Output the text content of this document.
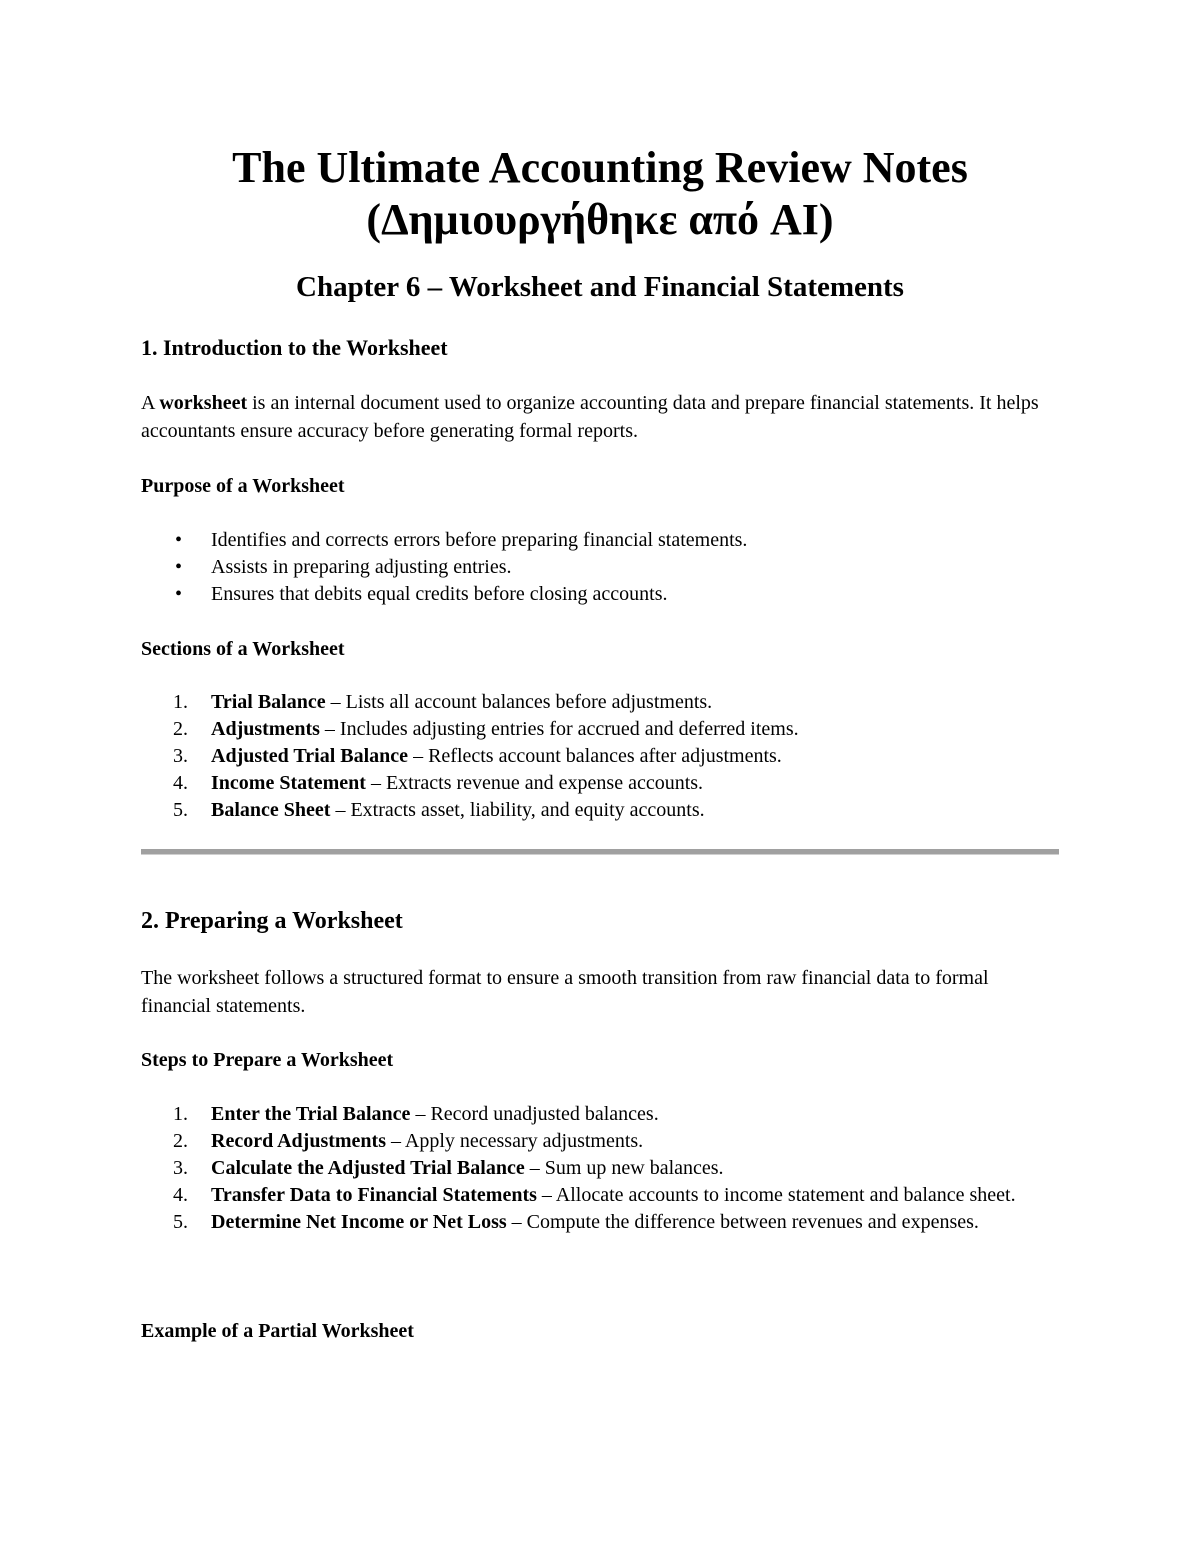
The Ultimate Accounting Review Notes
(Δημιουργήθηκε από AI)
Chapter 6 – Worksheet and Financial Statements
1. Introduction to the Worksheet

A worksheet is an internal document used to organize accounting data and prepare financial statements. It helps accountants ensure accuracy before generating formal reports.

Purpose of a Worksheet
•	Identifies and corrects errors before preparing financial statements.
•	Assists in preparing adjusting entries.
•	Ensures that debits equal credits before closing accounts.
Sections of a Worksheet
1.	Trial Balance – Lists all account balances before adjustments.
2.	Adjustments – Includes adjusting entries for accrued and deferred items.
3.	Adjusted Trial Balance – Reflects account balances after adjustments.
4.	Income Statement – Extracts revenue and expense accounts.
5.	Balance Sheet – Extracts asset, liability, and equity accounts.
2. Preparing a Worksheet

The worksheet follows a structured format to ensure a smooth transition from raw financial data to formal financial statements.

Steps to Prepare a Worksheet
1.	Enter the Trial Balance – Record unadjusted balances.
2.	Record Adjustments – Apply necessary adjustments.
3.	Calculate the Adjusted Trial Balance – Sum up new balances.
4.	Transfer Data to Financial Statements – Allocate accounts to income statement and balance sheet.
5.	Determine Net Income or Net Loss – Compute the difference between revenues and expenses.
Example of a Partial Worksheet
